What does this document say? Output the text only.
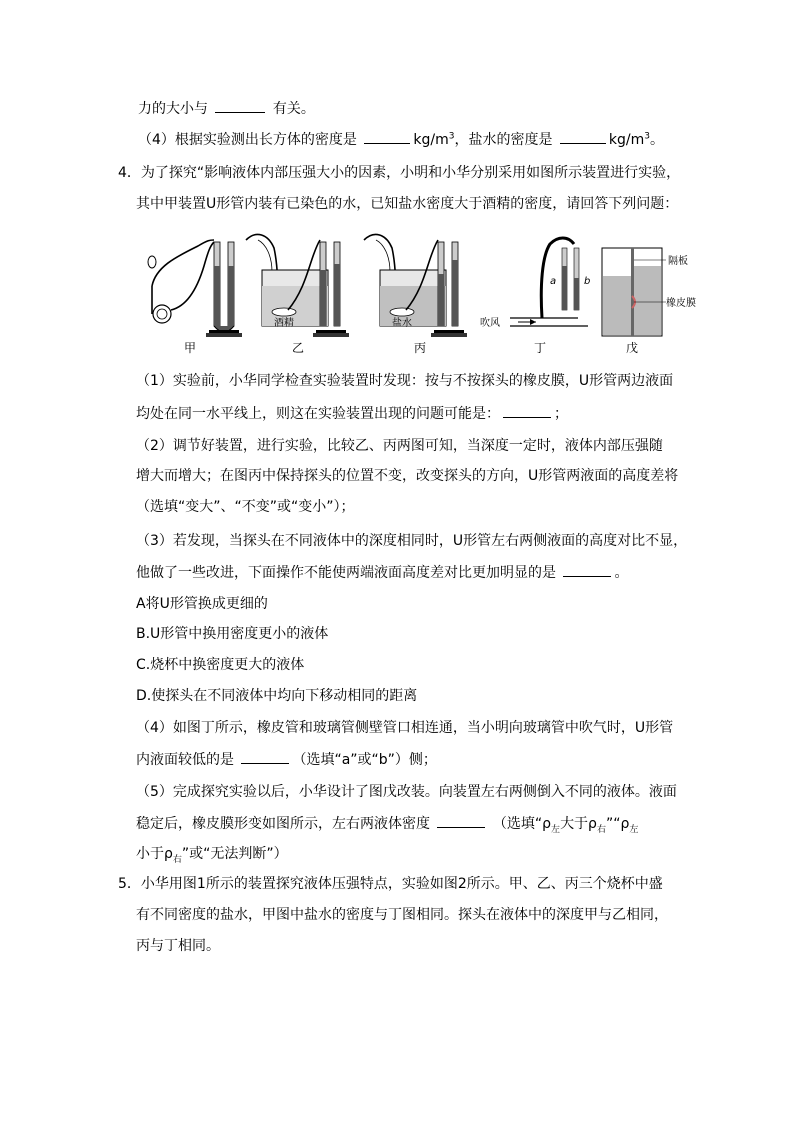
力的大小与	有关。
（4）根据实验测出长方体的密度是	$kg/m^3$，盐水的密度是	$kg/m^3$。
4．为了探究“影响液体内部压强大小的因素，小明和小华分别采用如图所示装置进行实验，
其中甲装置U形管内装有已染色的水，已知盐水密度大于酒精的密度，请回答下列问题：
甲
酒精
乙
盐水
丙
a	b
吹风
丁
隔板
橡皮膜
戊
（1）实验前，小华同学检查实验装置时发现：按与不按探头的橡皮膜，U形管两边液面
均处在同一水平线上，则这在实验装置出现的问题可能是：	；
（2）调节好装置，进行实验，比较乙、丙两图可知，当深度一定时，液体内部压强随
增大而增大；在图丙中保持探头的位置不变，改变探头的方向，U形管两液面的高度差将
（选填“变大”、“不变”或“变小”）；
（3）若发现，当探头在不同液体中的深度相同时，U形管左右两侧液面的高度对比不显，
他做了一些改进，下面操作不能使两端液面高度差对比更加明显的是	。
A将U形管换成更细的
B.U形管中换用密度更小的液体
C.烧杯中换密度更大的液体
D.使探头在不同液体中均向下移动相同的距离
（4）如图丁所示，橡皮管和玻璃管侧壁管口相连通，当小明向玻璃管中吹气时，U形管
内液面较低的是	（选填“a”或“b”）侧；
（5）完成探究实验以后，小华设计了图戊改装。向装置左右两侧倒入不同的液体。液面
稳定后，橡皮膜形变如图所示，左右两液体密度	（选填“$\rho_左$大于$\rho_右”“\rho_左$
小于$\rho_右$”或“无法判断”）
5．小华用图1所示的装置探究液体压强特点，实验如图2所示。甲、乙、丙三个烧杯中盛
有不同密度的盐水，甲图中盐水的密度与丁图相同。探头在液体中的深度甲与乙相同，
丙与丁相同。
